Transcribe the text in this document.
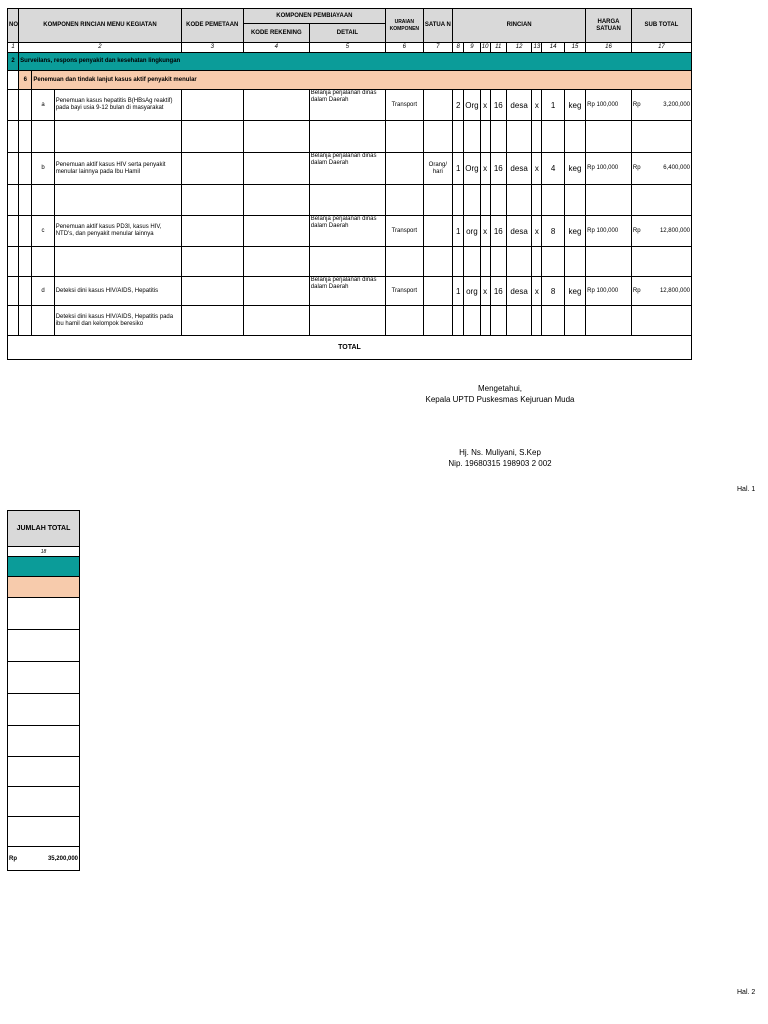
NO	KOMPONEN RINCIAN MENU KEGIATAN			KODE PEMETAAN	KOMPONEN PEMBIAYAAN		URAIAN KOMPONEN	SATUA N	RINCIAN								HARGA SATUAN	SUB TOTAL
					KODE REKENING	DETAIL												
1	2			3	4	5	6	7	8	9	10	11	12	13	14	15	16	17
2	Surveilans, respons penyakit dan kesehatan lingkungan																	
	6	Penemuan dan tindak lanjut kasus aktif penyakit menular																
		a	Penemuan kasus hepatitis B(HBsAg reaktif) pada bayi usia 9-12 bulan di masyarakat			Belanja perjalanan dinas dalam Daerah	Transport		2	Org	x	16	desa	x	1	keg	Rp 100,000	Rp 3,200,000

		b	Penemuan aktif kasus HIV serta penyakit menular lainnya pada Ibu Hamil			Belanja perjalanan dinas dalam Daerah		Orang/ hari	1	Org	x	16	desa	x	4	keg	Rp 100,000	Rp 6,400,000

		c	Penemuan aktif kasus PD3I, kasus HIV, NTD's, dan penyakit menular lainnya			Belanja perjalanan dinas dalam Daerah	Transport		1	org	x	16	desa	x	8	keg	Rp 100,000	Rp 12,800,000

		d	Deteksi dini kasus HIV/AIDS, Hepatitis			Belanja perjalanan dinas dalam Daerah	Transport		1	org	x	16	desa	x	8	keg	Rp 100,000	Rp 12,800,000

			Deteksi dini kasus HIV/AIDS, Hepatitis pada ibu hamil dan kelompok beresiko															
TOTAL																		
Mengetahui,
Kepala UPTD Puskesmas Kejuruan Muda
Hj. Ns. Muliyani, S.Kep
Nip. 19680315 198903 2 002
Hal. 1
JUMLAH TOTAL
18

Rp	35,200,000
Hal. 2
